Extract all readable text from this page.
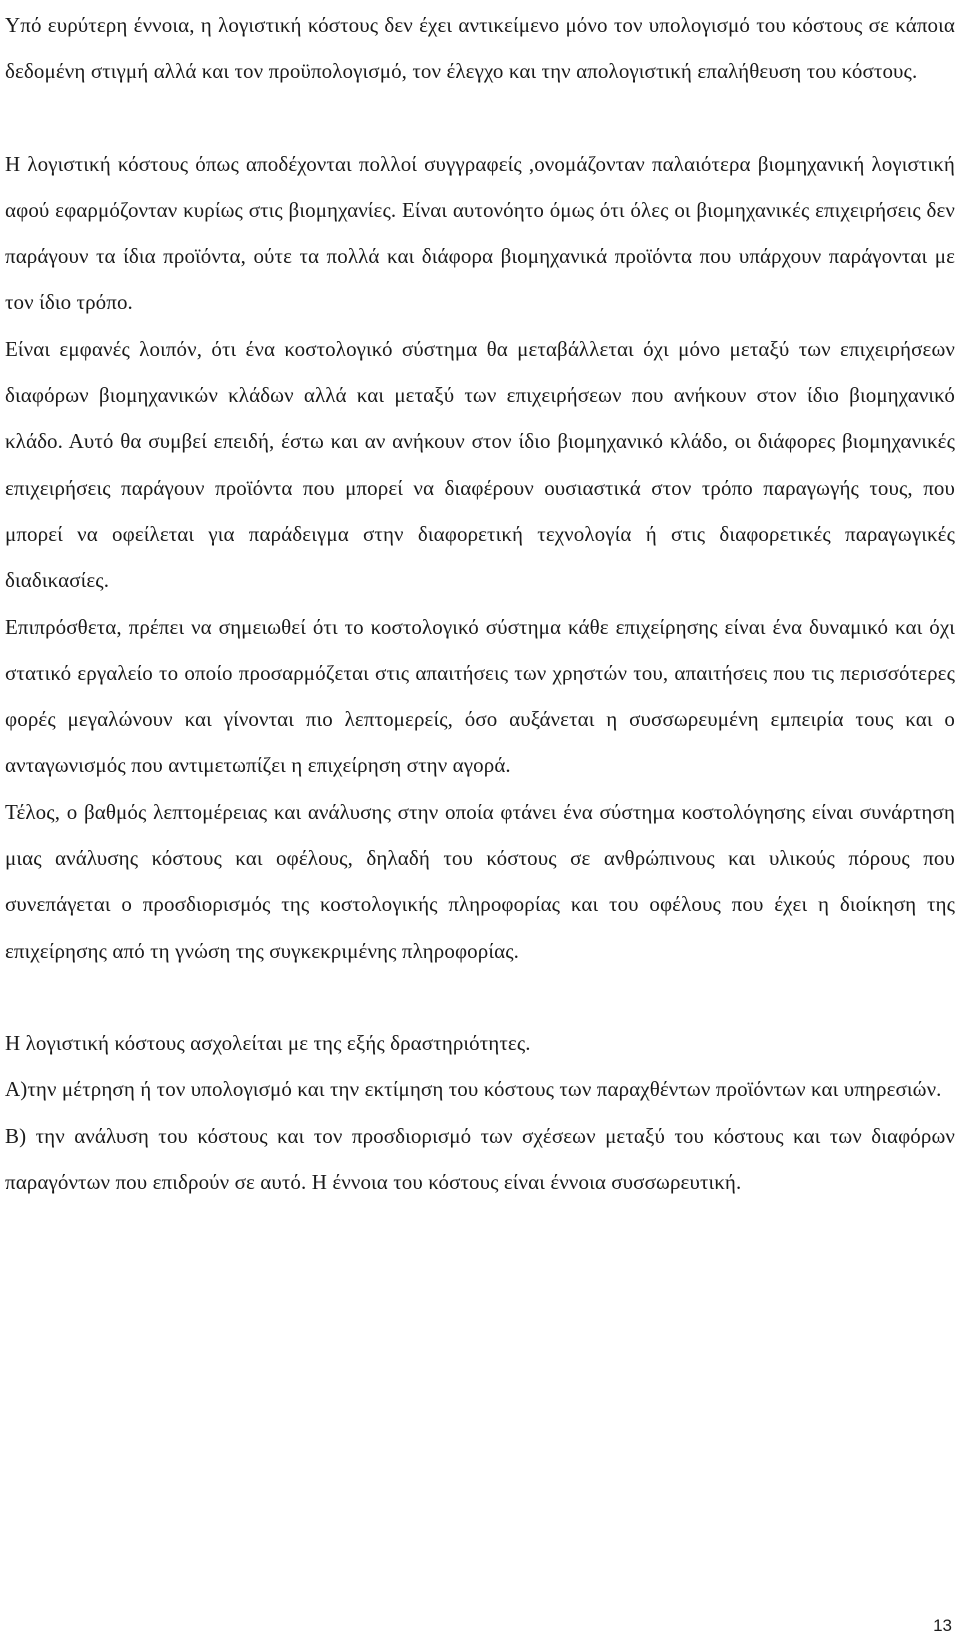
Υπό ευρύτερη έννοια, η λογιστική κόστους δεν έχει αντικείμενο μόνο τον υπολογισμό του κόστους σε κάποια δεδομένη στιγμή αλλά και τον προϋπολογισμό, τον έλεγχο και την απολογιστική επαλήθευση του κόστους.

Η λογιστική κόστους όπως αποδέχονται πολλοί συγγραφείς ,ονομάζονταν παλαιότερα βιομηχανική λογιστική αφού εφαρμόζονταν κυρίως στις βιομηχανίες. Είναι αυτονόητο όμως ότι όλες οι βιομηχανικές επιχειρήσεις δεν παράγουν τα ίδια προϊόντα, ούτε τα πολλά και διάφορα βιομηχανικά προϊόντα που υπάρχουν παράγονται με τον ίδιο τρόπο.

Είναι εμφανές λοιπόν, ότι ένα κοστολογικό σύστημα θα μεταβάλλεται όχι μόνο μεταξύ των επιχειρήσεων διαφόρων βιομηχανικών κλάδων αλλά και μεταξύ των επιχειρήσεων που ανήκουν στον ίδιο βιομηχανικό κλάδο. Αυτό θα συμβεί επειδή, έστω και αν ανήκουν στον ίδιο βιομηχανικό κλάδο, οι διάφορες βιομηχανικές επιχειρήσεις παράγουν προϊόντα που μπορεί να διαφέρουν ουσιαστικά στον τρόπο παραγωγής τους, που μπορεί να οφείλεται για παράδειγμα στην διαφορετική τεχνολογία ή στις διαφορετικές παραγωγικές διαδικασίες.

Επιπρόσθετα, πρέπει να σημειωθεί ότι το κοστολογικό σύστημα κάθε επιχείρησης είναι ένα δυναμικό και όχι στατικό εργαλείο το οποίο προσαρμόζεται στις απαιτήσεις των χρηστών του, απαιτήσεις που τις περισσότερες φορές μεγαλώνουν και γίνονται πιο λεπτομερείς, όσο αυξάνεται η συσσωρευμένη εμπειρία τους και ο ανταγωνισμός που αντιμετωπίζει η επιχείρηση στην αγορά.

Τέλος, ο βαθμός λεπτομέρειας και ανάλυσης στην οποία φτάνει ένα σύστημα κοστολόγησης είναι συνάρτηση μιας ανάλυσης κόστους και οφέλους, δηλαδή του κόστους σε ανθρώπινους και υλικούς πόρους που συνεπάγεται ο προσδιορισμός της κοστολογικής πληροφορίας και του οφέλους που έχει η διοίκηση της επιχείρησης από τη γνώση της συγκεκριμένης πληροφορίας.

Η λογιστική κόστους ασχολείται με της εξής δραστηριότητες.

Α)την μέτρηση ή τον υπολογισμό και την εκτίμηση του κόστους των παραχθέντων προϊόντων και υπηρεσιών.

Β) την ανάλυση του κόστους και τον προσδιορισμό των σχέσεων μεταξύ του κόστους και των διαφόρων παραγόντων που επιδρούν σε αυτό. Η έννοια του κόστους είναι έννοια συσσωρευτική.

13
